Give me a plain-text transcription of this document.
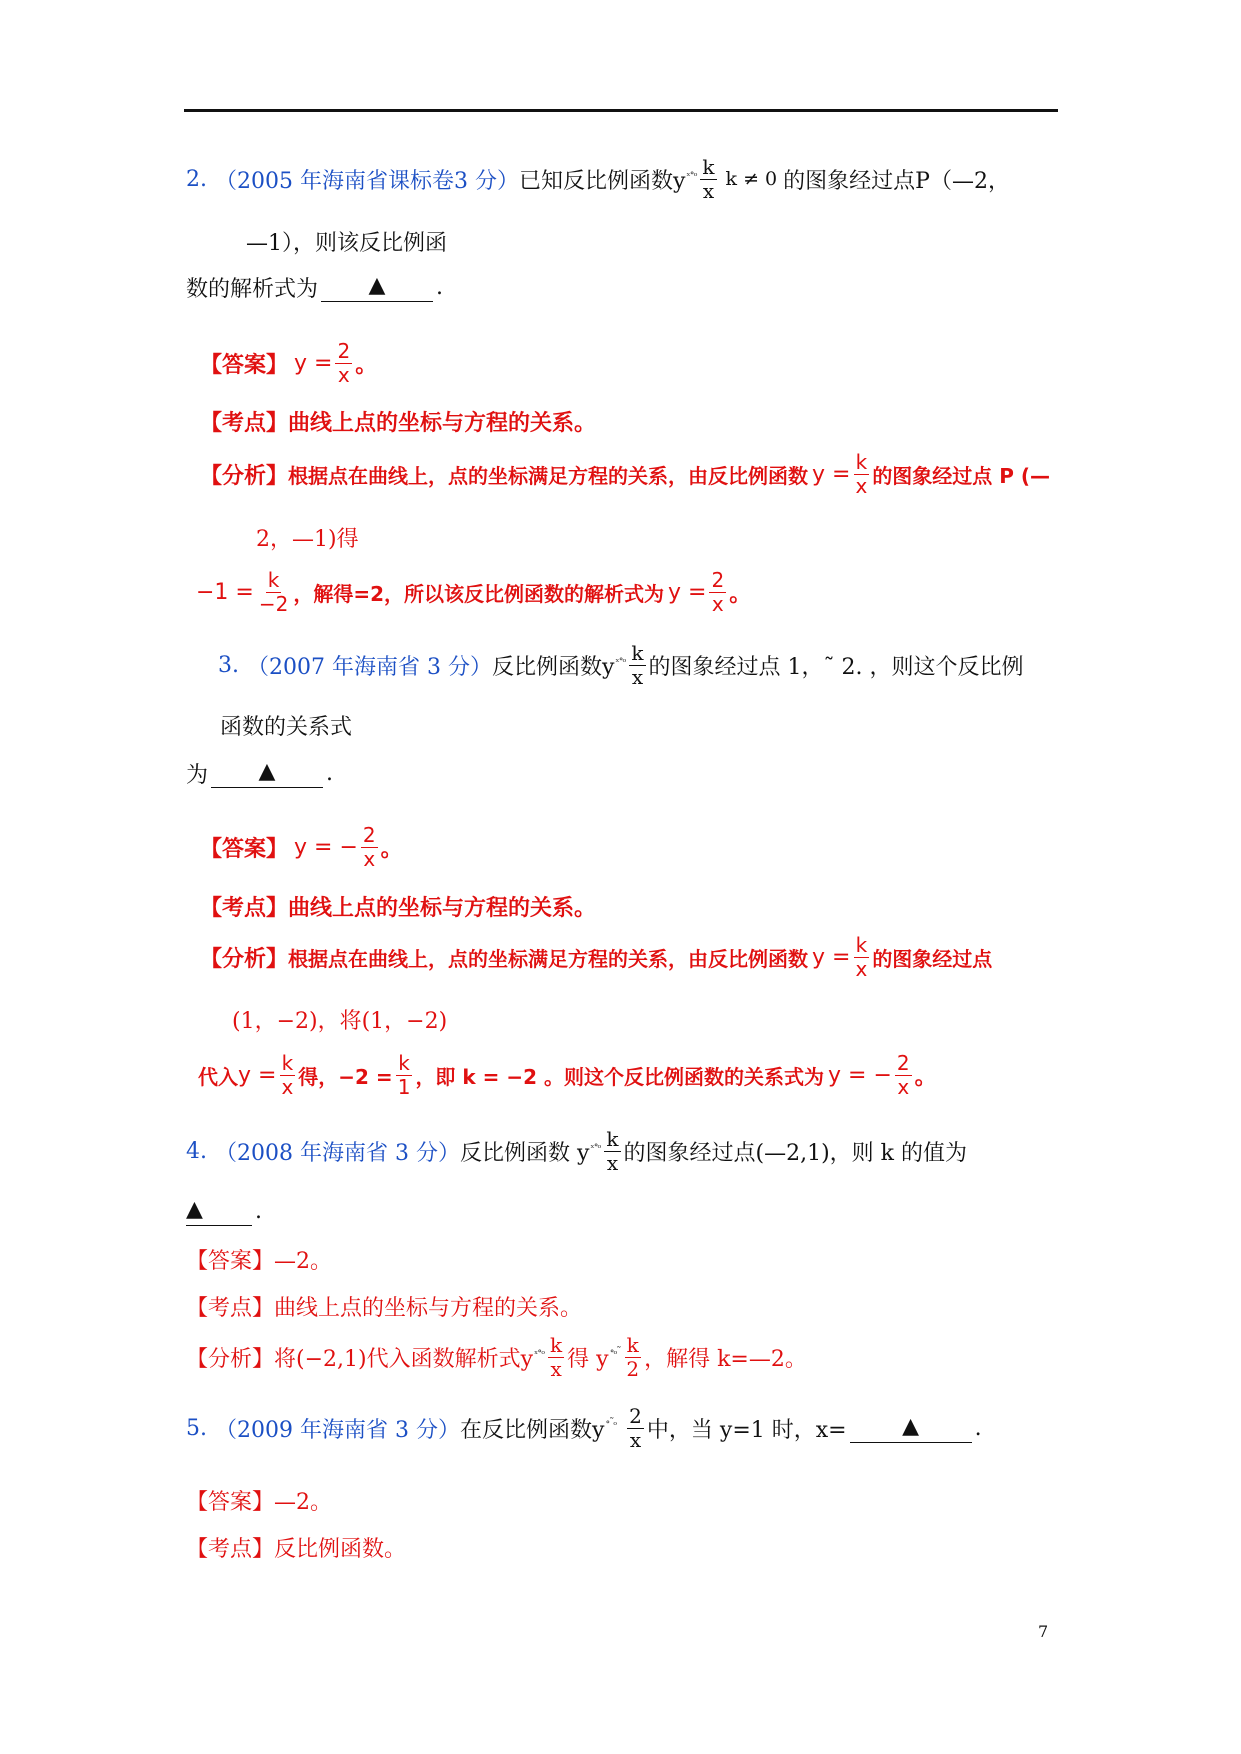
2. （2005 年海南省课标卷3 分） 已知反比例函数y ₓ∘ₒ $\frac{k}{x}$ k ≠ 0 的图象经过点P（—2，
—1），则该反比例函
数的解析式为	▲	.
【答案】 $y = \frac{2}{x}$ 。
【考点】 曲线上点的坐标与方程的关系。
【分析】 根据点在曲线上，点的坐标满足方程的关系，由反比例函数 $y = \frac{k}{x}$ 的图象经过点 P (—
2，—1)得
$-1 = \frac{k}{-2}$ ，解得=2，所以该反比例函数的解析式为 $y = \frac{2}{x}$ 。
3. （2007 年海南省 3 分） 反比例函数y ₓ∘ₒ $\frac{k}{x}$ 的图象经过点 1，˜ 2. ，则这个反比例
函数的关系式
为	▲	.
【答案】 y = − $\frac{2}{x}$ 。
【考点】 曲线上点的坐标与方程的关系。
【分析】 根据点在曲线上，点的坐标满足方程的关系，由反比例函数 $y = \frac{k}{x}$ 的图象经过点
(1，−2)，将(1，−2)
代入 $y = \frac{k}{x}$ 得，$-2 = \frac{k}{1}$ ，即 k = −2 。则这个反比例函数的关系式为 y = − $\frac{2}{x}$ 。
4. （2008 年海南省 3 分） 反比例函数 y ₓ∘ₒ $\frac{k}{x}$ 的图象经过点(—2,1)，则 k 的值为
▲	.
【答案】 —2。
【考点】 曲线上点的坐标与方程的关系。
【分析】 将(−2,1)代入函数解析式y ₓ∘ₒ $\frac{k}{x}$ 得 y ∘ₒ˜ $\frac{k}{2}$ ，解得 k=—2。
5. （2009 年海南省 3 分） 在反比例函数y ∘˜ₒ $\frac{2}{x}$ 中，当 y=1 时，x=	▲	.
【答案】 —2。
【考点】 反比例函数。
7
